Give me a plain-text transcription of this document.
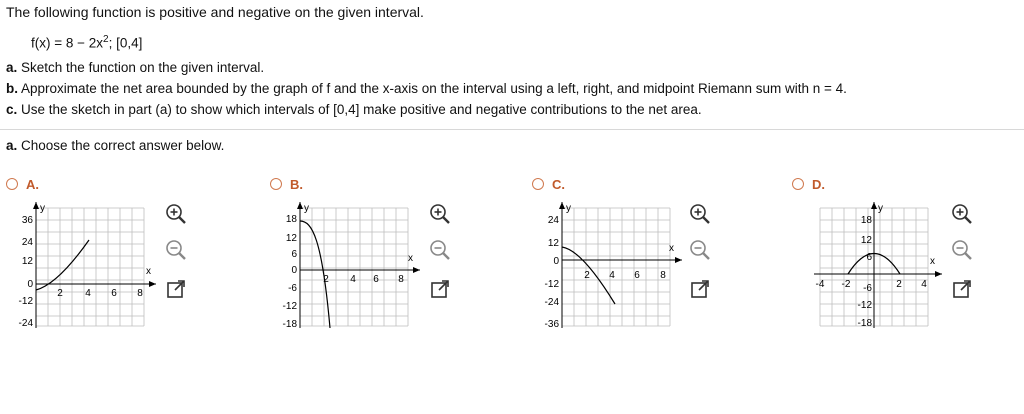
The following function is positive and negative on the given interval.
$f(x) = 8 - 2x^2$; [0,4]
a. Sketch the function on the given interval.
b. Approximate the net area bounded by the graph of f and the x-axis on the interval using a left, right, and midpoint Riemann sum with n = 4.
c. Use the sketch in part (a) to show which intervals of [0,4] make positive and negative contributions to the net area.
a. Choose the correct answer below.
A.
x
y
2 4 6 8
36
24
12
0
-12
-24
B.
x
y
2 4 6 8
18
12
6
0
-6
-12
-18
C.
x
y
2 4 6 8
24
12
0
-12
-24
-36
D.
x
y
-4 -2	2 4
18
12
6
-6
-12
-18
